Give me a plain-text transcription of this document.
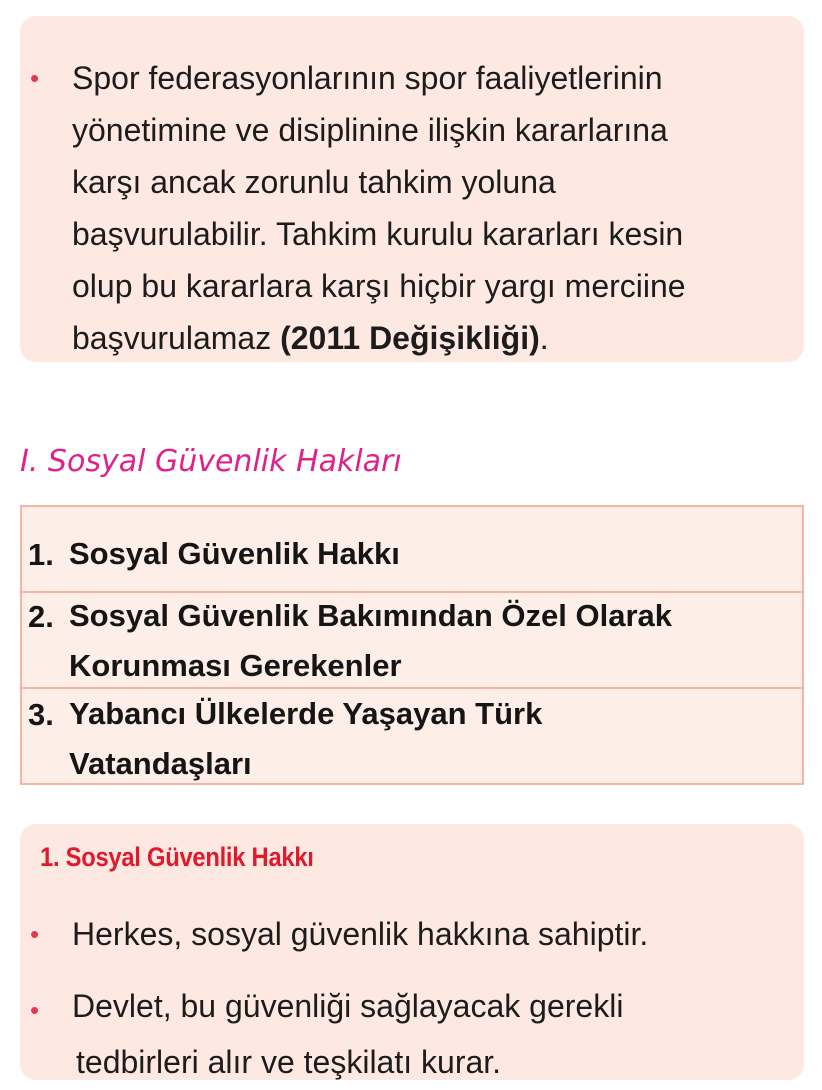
• Spor federasyonlarının spor faaliyetlerinin
yönetimine ve disiplinine ilişkin kararlarına
karşı ancak zorunlu tahkim yoluna
başvurulabilir. Tahkim kurulu kararları kesin
olup bu kararlara karşı hiçbir yargı merciine
başvurulamaz (2011 Değişikliği).
I. Sosyal Güvenlik Hakları
1. Sosyal Güvenlik Hakkı
2. Sosyal Güvenlik Bakımından Özel Olarak
Korunması Gerekenler
3. Yabancı Ülkelerde Yaşayan Türk
Vatandaşları
1. Sosyal Güvenlik Hakkı
• Herkes, sosyal güvenlik hakkına sahiptir.
• Devlet, bu güvenliği sağlayacak gerekli
tedbirleri alır ve teşkilatı kurar.
